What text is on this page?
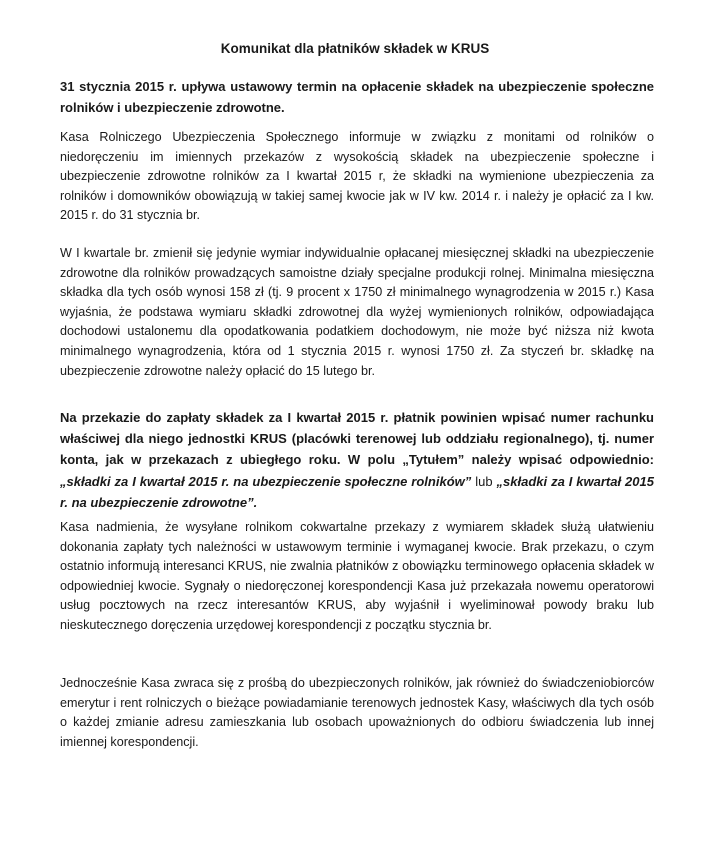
Komunikat dla płatników składek w KRUS

31 stycznia 2015 r. upływa ustawowy termin na opłacenie składek na ubezpieczenie społeczne rolników i ubezpieczenie zdrowotne.

Kasa Rolniczego Ubezpieczenia Społecznego informuje w związku z monitami od rolników o niedoręczeniu im imiennych przekazów z wysokością składek na ubezpieczenie społeczne i ubezpieczenie zdrowotne rolników za I kwartał 2015 r, że składki na wymienione ubezpieczenia za rolników i domowników obowiązują w takiej samej kwocie jak w IV kw. 2014 r. i należy je opłacić za I kw. 2015 r. do 31 stycznia br.

W I kwartale br. zmienił się jedynie wymiar indywidualnie opłacanej miesięcznej składki na ubezpieczenie zdrowotne dla rolników prowadzących samoistne działy specjalne produkcji rolnej. Minimalna miesięczna składka dla tych osób wynosi 158 zł (tj. 9 procent x 1750 zł minimalnego wynagrodzenia w 2015 r.) Kasa wyjaśnia, że podstawa wymiaru składki zdrowotnej dla wyżej wymienionych rolników, odpowiadająca dochodowi ustalonemu dla opodatkowania podatkiem dochodowym, nie może być niższa niż kwota minimalnego wynagrodzenia, która od 1 stycznia 2015 r. wynosi 1750 zł. Za styczeń br. składkę na ubezpieczenie zdrowotne należy opłacić do 15 lutego br.

Na przekazie do zapłaty składek za I kwartał 2015 r. płatnik powinien wpisać numer rachunku właściwej dla niego jednostki KRUS (placówki terenowej lub oddziału regionalnego), tj. numer konta, jak w przekazach z ubiegłego roku. W polu „Tytułem” należy wpisać odpowiednio: „składki za I kwartał 2015 r. na ubezpieczenie społeczne rolników” lub „składki za I kwartał 2015 r. na ubezpieczenie zdrowotne”.

Kasa nadmienia, że wysyłane rolnikom cokwartalne przekazy z wymiarem składek służą ułatwieniu dokonania zapłaty tych należności w ustawowym terminie i wymaganej kwocie. Brak przekazu, o czym ostatnio informują interesanci KRUS, nie zwalnia płatników z obowiązku terminowego opłacenia składek w odpowiedniej kwocie. Sygnały o niedoręczonej korespondencji Kasa już przekazała nowemu operatorowi usług pocztowych na rzecz interesantów KRUS, aby wyjaśnił i wyeliminował powody braku lub nieskutecznego doręczenia urzędowej korespondencji z początku stycznia br.

Jednocześnie Kasa zwraca się z prośbą do ubezpieczonych rolników, jak również do świadczeniobiorców emerytur i rent rolniczych o bieżące powiadamianie terenowych jednostek Kasy, właściwych dla tych osób o każdej zmianie adresu zamieszkania lub osobach upoważnionych do odbioru świadczenia lub innej imiennej korespondencji.
